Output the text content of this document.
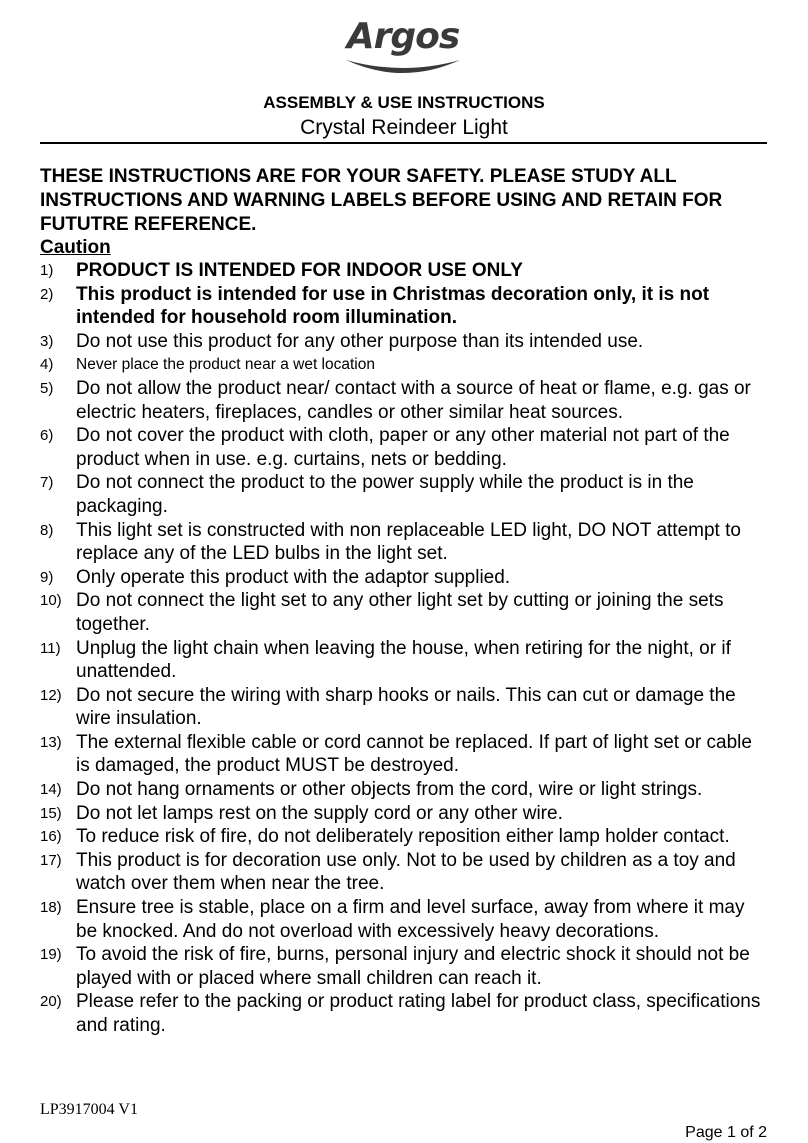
Argos
ASSEMBLY & USE INSTRUCTIONS
Crystal Reindeer Light

THESE INSTRUCTIONS ARE FOR YOUR SAFETY. PLEASE STUDY ALL INSTRUCTIONS AND WARNING LABELS BEFORE USING AND RETAIN FOR FUTUTRE REFERENCE.

Caution
1)	PRODUCT IS INTENDED FOR INDOOR USE ONLY
2)	This product is intended for use in Christmas decoration only, it is not intended for household room illumination.
3)	Do not use this product for any other purpose than its intended use.
4)	Never place the product near a wet location
5)	Do not allow the product near/ contact with a source of heat or flame, e.g. gas or electric heaters, fireplaces, candles or other similar heat sources.
6)	Do not cover the product with cloth, paper or any other material not part of the product when in use. e.g. curtains, nets or bedding.
7)	Do not connect the product to the power supply while the product is in the packaging.
8)	This light set is constructed with non replaceable LED light, DO NOT attempt to replace any of the LED bulbs in the light set.
9)	Only operate this product with the adaptor supplied.
10) Do not connect the light set to any other light set by cutting or joining the sets together.
11) Unplug the light chain when leaving the house, when retiring for the night, or if unattended.
12) Do not secure the wiring with sharp hooks or nails. This can cut or damage the wire insulation.
13) The external flexible cable or cord cannot be replaced. If part of light set or cable is damaged, the product MUST be destroyed.
14) Do not hang ornaments or other objects from the cord, wire or light strings.
15) Do not let lamps rest on the supply cord or any other wire.
16) To reduce risk of fire, do not deliberately reposition either lamp holder contact.
17) This product is for decoration use only. Not to be used by children as a toy and watch over them when near the tree.
18) Ensure tree is stable, place on a firm and level surface, away from where it may be knocked. And do not overload with excessively heavy decorations.
19) To avoid the risk of fire, burns, personal injury and electric shock it should not be played with or placed where small children can reach it.
20) Please refer to the packing or product rating label for product class, specifications and rating.
LP3917004 V1
Page 1 of 2
